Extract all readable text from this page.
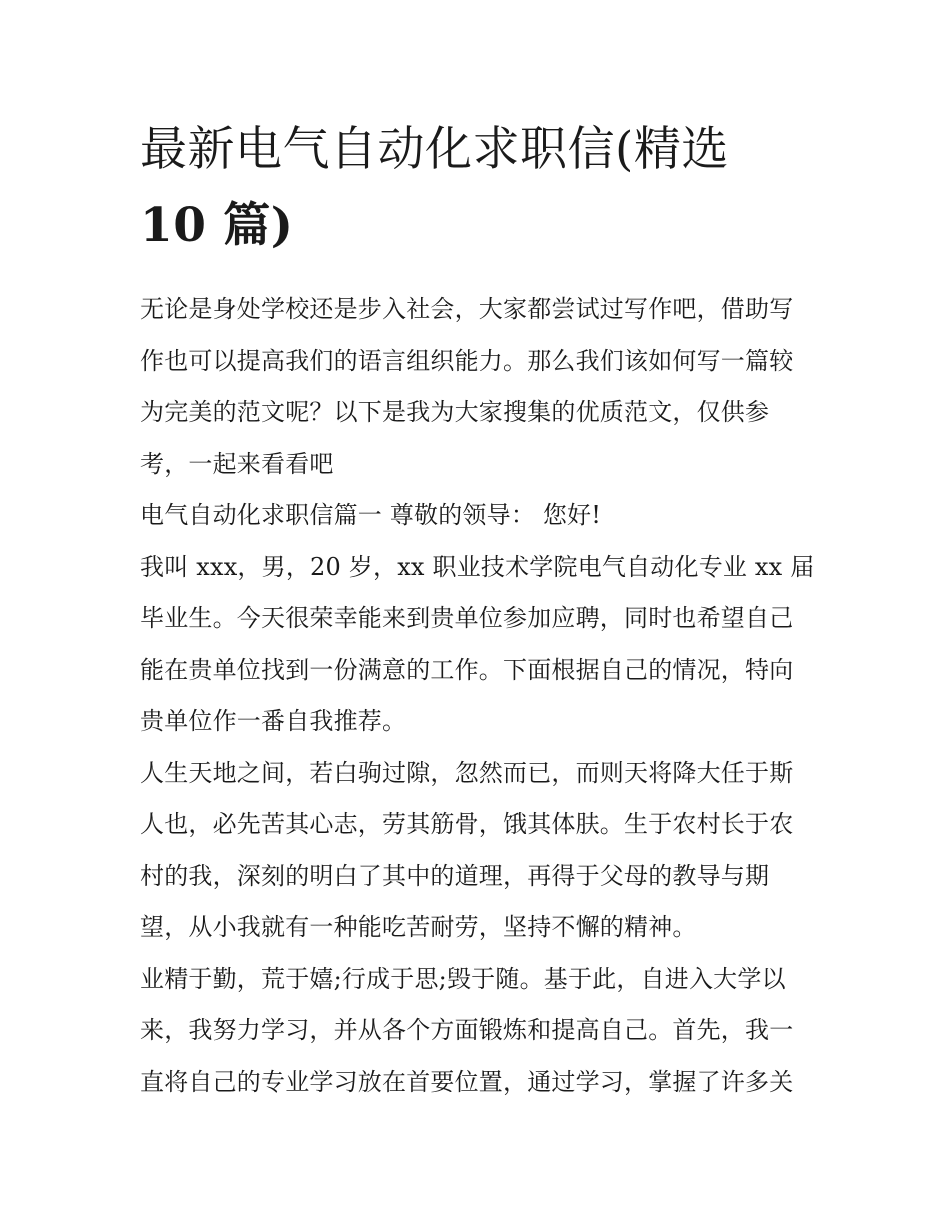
最新电气自动化求职信(精选
10 篇)

无论是身处学校还是步入社会，大家都尝试过写作吧，借助写
作也可以提高我们的语言组织能力。那么我们该如何写一篇较
为完美的范文呢？以下是我为大家搜集的优质范文，仅供参
考，一起来看看吧

电气自动化求职信篇一 尊敬的领导： 您好!

我叫 xxx，男，20 岁，xx 职业技术学院电气自动化专业 xx 届
毕业生。今天很荣幸能来到贵单位参加应聘，同时也希望自己
能在贵单位找到一份满意的工作。下面根据自己的情况，特向
贵单位作一番自我推荐。

人生天地之间，若白驹过隙，忽然而已，而则天将降大任于斯
人也，必先苦其心志，劳其筋骨，饿其体肤。生于农村长于农
村的我，深刻的明白了其中的道理，再得于父母的教导与期
望，从小我就有一种能吃苦耐劳，坚持不懈的精神。

业精于勤，荒于嬉;行成于思;毁于随。基于此，自进入大学以
来，我努力学习，并从各个方面锻炼和提高自己。首先，我一
直将自己的专业学习放在首要位置，通过学习，掌握了许多关
